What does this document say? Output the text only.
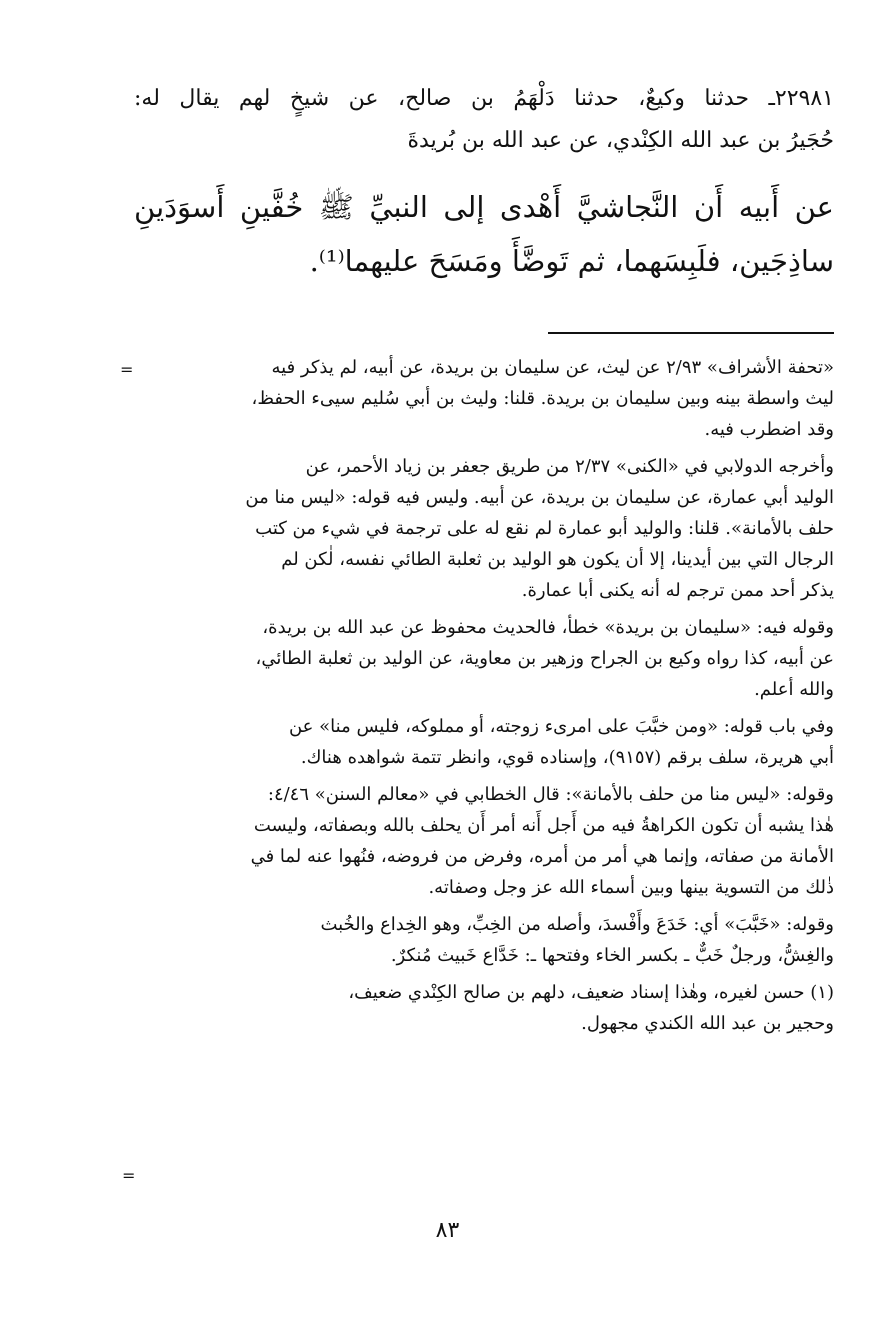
٢٢٩٨١ـ حدثنا وكيعٌ، حدثنا دَلْهَمُ بن صالح، عن شيخٍ لهم يقال له:
حُجَيرُ بن عبد الله الكِنْدي، عن عبد الله بن بُريدةَ
عن أَبيه أَن النَّجاشيَّ أَهْدى إلى النبيِّ ﷺ خُفَّينِ أَسوَدَينِ
ساذِجَين، فلَبِسَهما، ثم تَوضَّأَ ومَسَحَ عليهما⁽¹⁾.
=	«تحفة الأشراف» ٢/٩٣ عن ليث، عن سليمان بن بريدة، عن أبيه، لم يذكر فيه
ليث واسطة بينه وبين سليمان بن بريدة. قلنا: وليث بن أبي سُليم سيىء الحفظ،
وقد اضطرب فيه.
وأخرجه الدولابي في «الكنى» ٢/٣٧ من طريق جعفر بن زياد الأحمر، عن
الوليد أبي عمارة، عن سليمان بن بريدة، عن أبيه. وليس فيه قوله: «ليس منا من
حلف بالأمانة». قلنا: والوليد أبو عمارة لم نقع له على ترجمة في شيء من كتب
الرجال التي بين أيدينا، إلا أن يكون هو الوليد بن ثعلبة الطائي نفسه، لٰكن لم
يذكر أحد ممن ترجم له أنه يكنى أبا عمارة.
وقوله فيه: «سليمان بن بريدة» خطأ، فالحديث محفوظ عن عبد الله بن بريدة،
عن أبيه، كذا رواه وكيع بن الجراح وزهير بن معاوية، عن الوليد بن ثعلبة الطائي،
والله أعلم.
وفي باب قوله: «ومن خبَّبَ على امرىء زوجته، أو مملوكه، فليس منا» عن
أبي هريرة، سلف برقم (٩١٥٧)، وإسناده قوي، وانظر تتمة شواهده هناك.
وقوله: «ليس منا من حلف بالأمانة»: قال الخطابي في «معالم السنن» ٤/٤٦:
هٰذا يشبه أن تكون الكراهةُ فيه من أَجل أَنه أمر أَن يحلف بالله وبصفاته، وليست
الأمانة من صفاته، وإنما هي أمر من أمره، وفرض من فروضه، فنُهوا عنه لما في
ذٰلك من التسوية بينها وبين أسماء الله عز وجل وصفاته.
وقوله: «خَبَّبَ» أي: خَدَعَ وأَفْسدَ، وأصله من الخِبِّ، وهو الخِداع والخُبث
والغِشُّ، ورجلٌ خَبٌّ ـ بكسر الخاء وفتحها ـ: خَدَّاع خَبيث مُنكرٌ.
(١) حسن لغيره، وهٰذا إسناد ضعيف، دلهم بن صالح الكِنْدي ضعيف،
وحجير بن عبد الله الكندي مجهول.
=
٨٣
